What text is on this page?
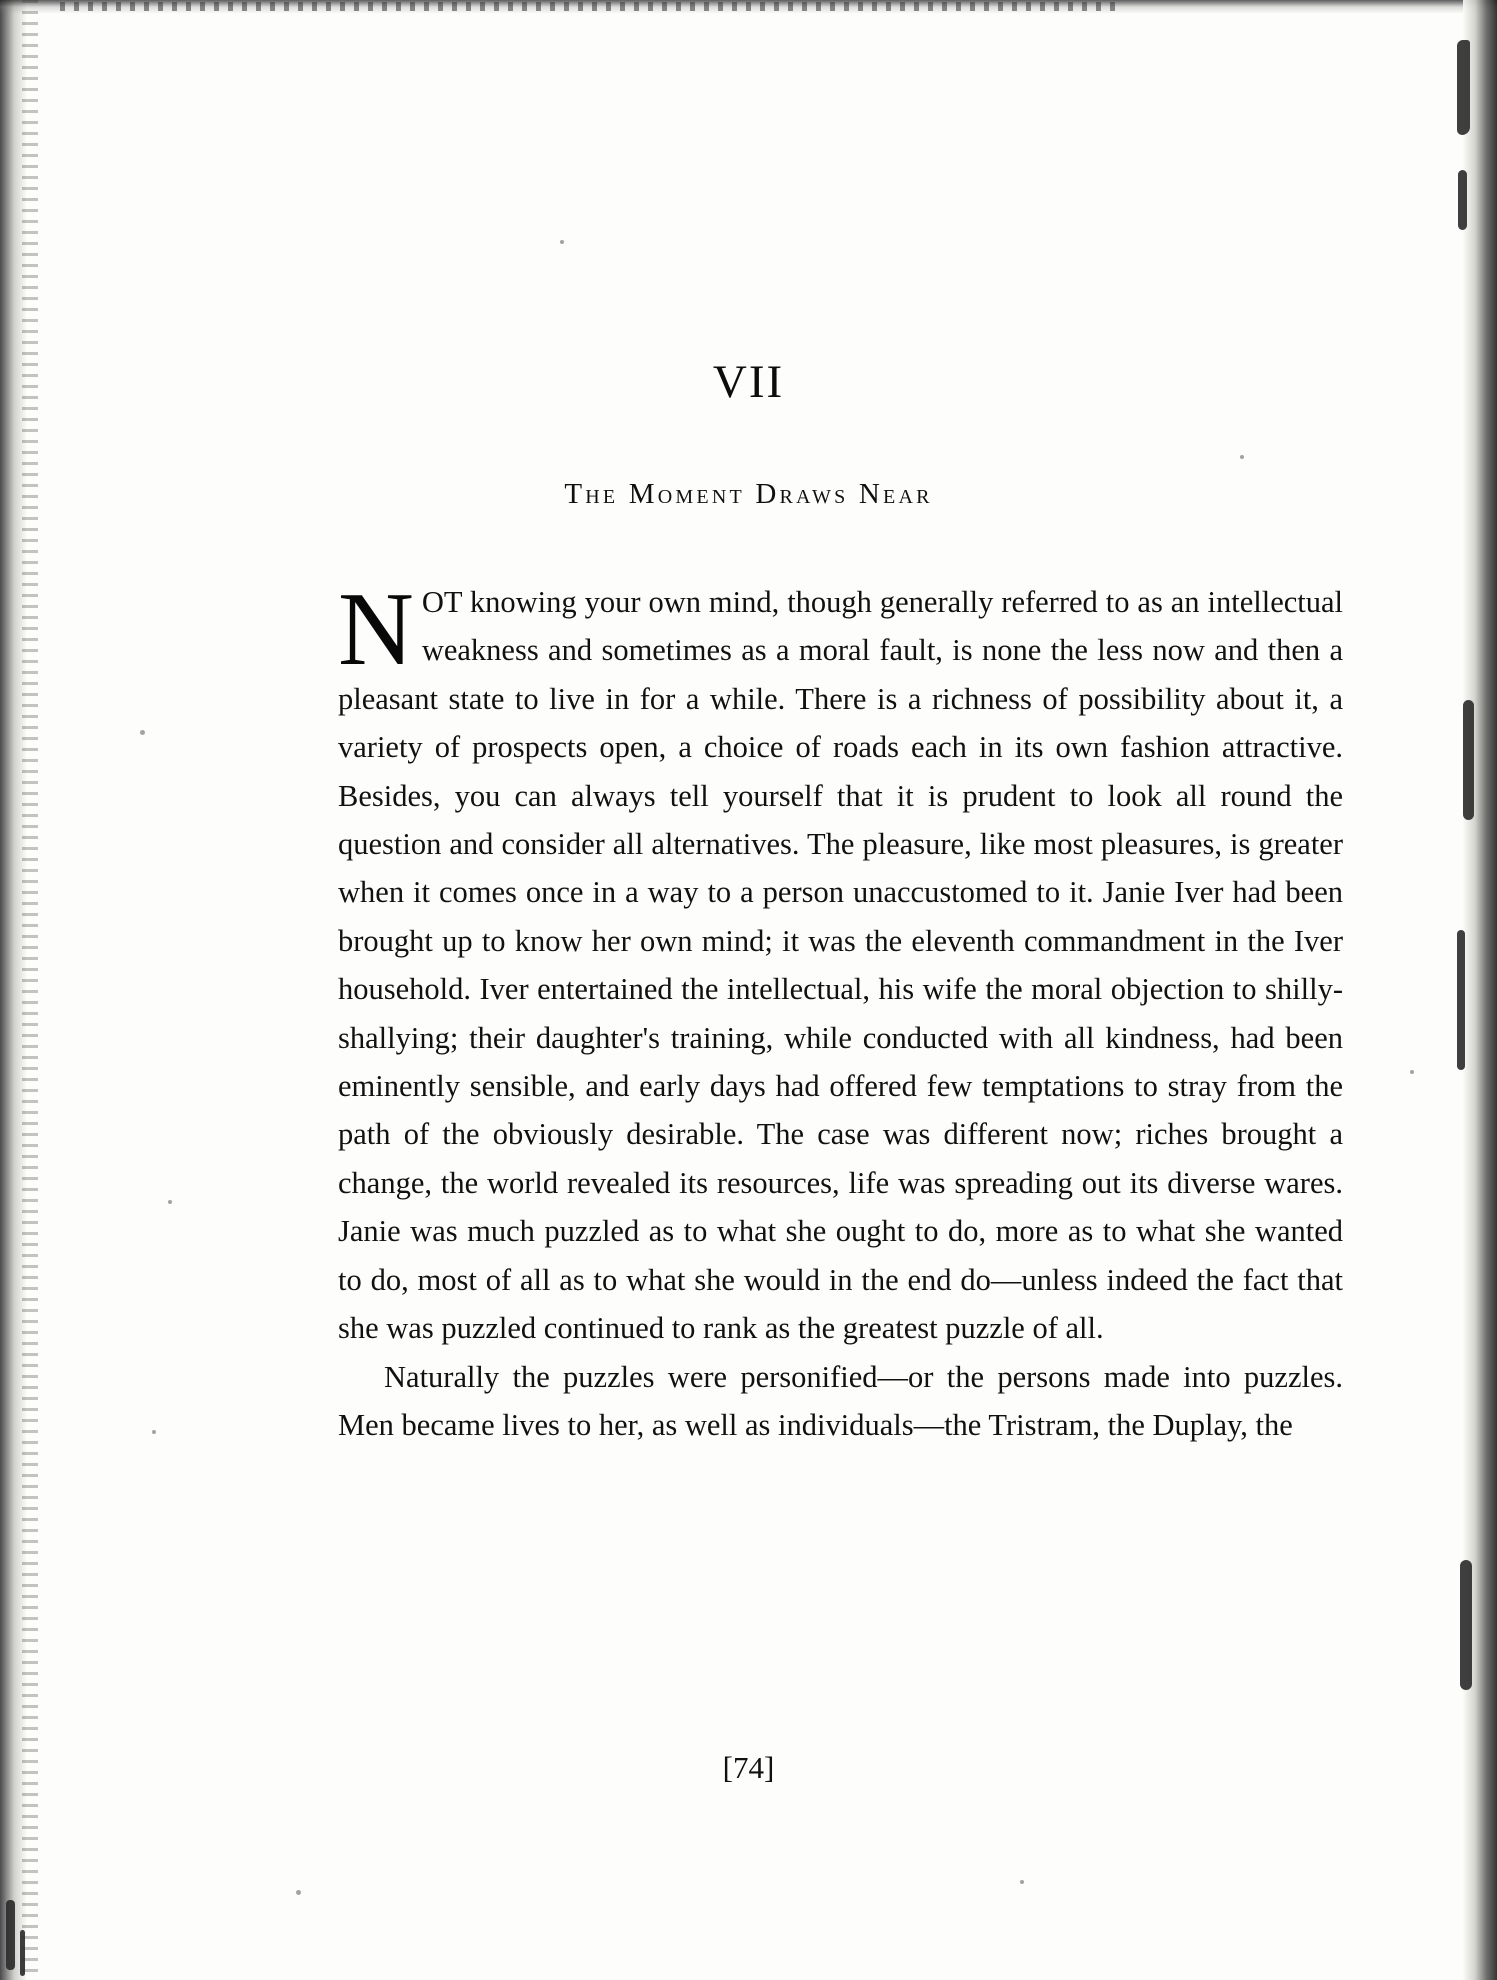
VII
The Moment Draws Near

NOT knowing your own mind, though generally referred to as an intellectual weakness and sometimes as a moral fault, is none the less now and then a pleasant state to live in for a while. There is a richness of possibility about it, a variety of prospects open, a choice of roads each in its own fashion attractive. Besides, you can always tell yourself that it is prudent to look all round the question and consider all alternatives. The pleasure, like most pleasures, is greater when it comes once in a way to a person unaccustomed to it. Janie Iver had been brought up to know her own mind; it was the eleventh commandment in the Iver household. Iver entertained the intellectual, his wife the moral objection to shilly-shallying; their daughter's training, while conducted with all kindness, had been eminently sensible, and early days had offered few temptations to stray from the path of the obviously desirable. The case was different now; riches brought a change, the world revealed its resources, life was spreading out its diverse wares. Janie was much puzzled as to what she ought to do, more as to what she wanted to do, most of all as to what she would in the end do—unless indeed the fact that she was puzzled continued to rank as the greatest puzzle of all.

Naturally the puzzles were personified—or the persons made into puzzles. Men became lives to her, as well as individuals—the Tristram, the Duplay, the

[74]
